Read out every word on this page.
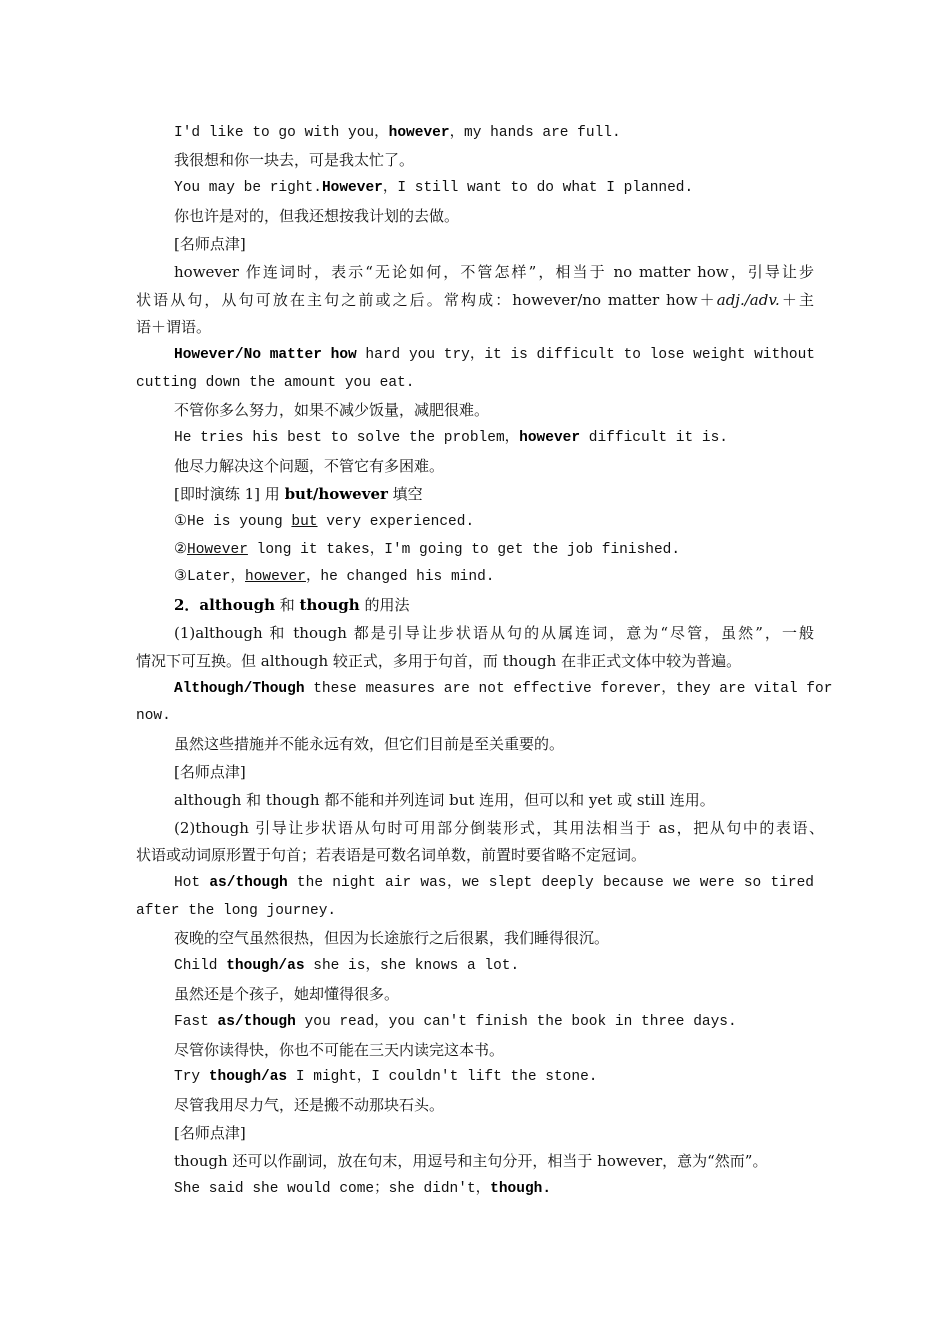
I'd like to go with you，however，my hands are full.
我很想和你一块去，可是我太忙了。
You may be right.However，I still want to do what I planned.
你也许是对的，但我还想按我计划的去做。
[名师点津]
however 作连词时，表示“无论如何，不管怎样”，相当于 no matter how，引导让步
状语从句，从句可放在主句之前或之后。常构成：however/no matter how＋adj./adv.＋主
语＋谓语。
However/No matter how hard you try，it is difficult to lose weight without
cutting down the amount you eat.
不管你多么努力，如果不减少饭量，减肥很难。
He tries his best to solve the problem，however difficult it is.
他尽力解决这个问题，不管它有多困难。
[即时演练 1] 用 but/however 填空
①He is young but very experienced.
②However long it takes，I'm going to get the job finished.
③Later，however，he changed his mind.
2．although 和 though 的用法
(1)although 和 though 都是引导让步状语从句的从属连词，意为“尽管，虽然”，一般
情况下可互换。但 although 较正式，多用于句首，而 though 在非正式文体中较为普遍。
Although/Though these measures are not effective forever，they are vital for
now.
虽然这些措施并不能永远有效，但它们目前是至关重要的。
[名师点津]
although 和 though 都不能和并列连词 but 连用，但可以和 yet 或 still 连用。
(2)though 引导让步状语从句时可用部分倒装形式，其用法相当于 as，把从句中的表语、
状语或动词原形置于句首；若表语是可数名词单数，前置时要省略不定冠词。
Hot as/though the night air was，we slept deeply because we were so tired
after the long journey.
夜晚的空气虽然很热，但因为长途旅行之后很累，我们睡得很沉。
Child though/as she is，she knows a lot.
虽然还是个孩子，她却懂得很多。
Fast as/though you read，you can't finish the book in three days.
尽管你读得快，你也不可能在三天内读完这本书。
Try though/as I might，I couldn't lift the stone.
尽管我用尽力气，还是搬不动那块石头。
[名师点津]
though 还可以作副词，放在句末，用逗号和主句分开，相当于 however，意为“然而”。
She said she would come；she didn't，though.
